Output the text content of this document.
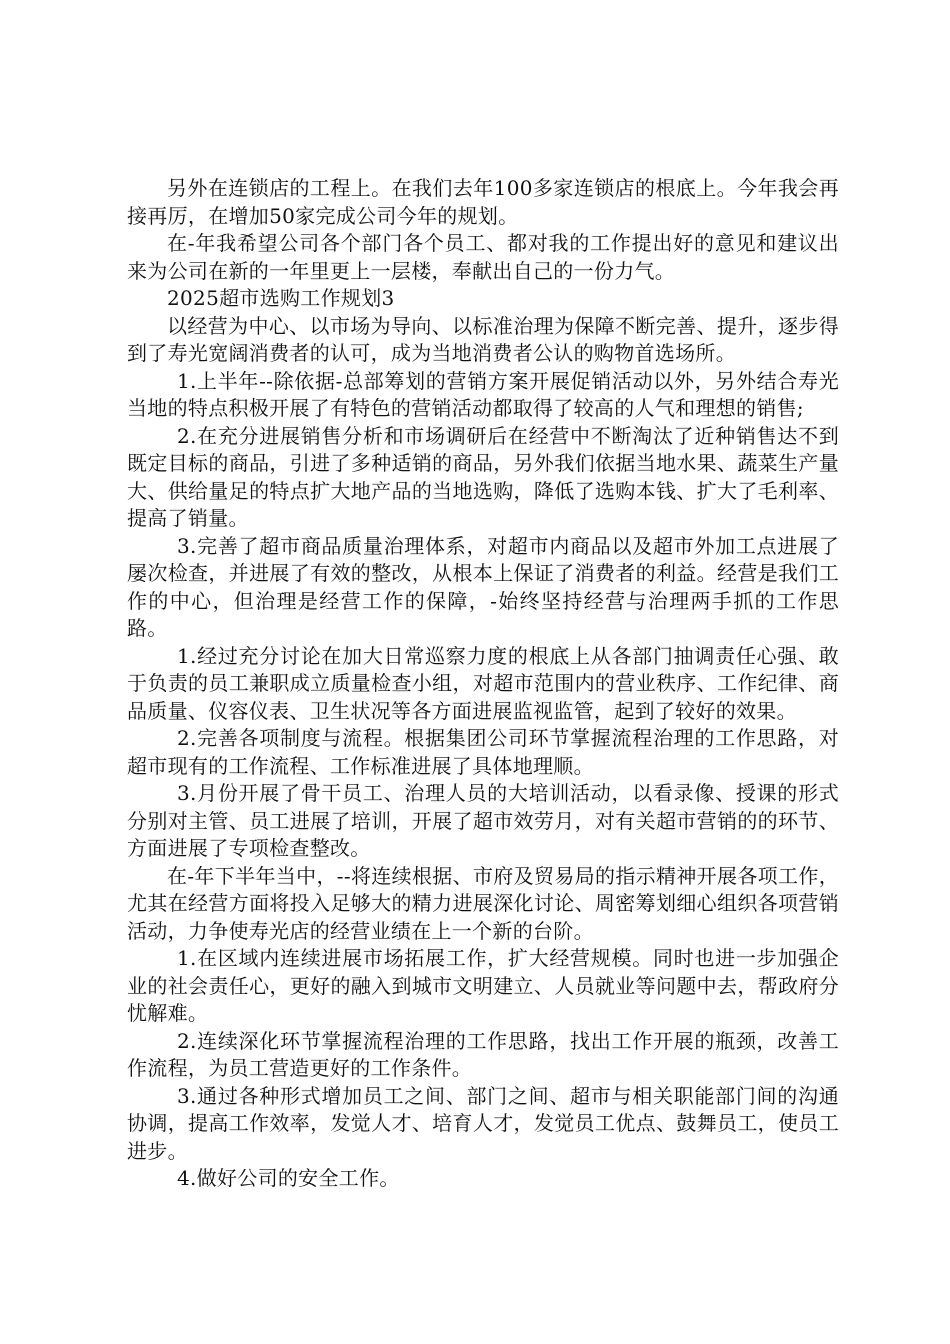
另外在连锁店的工程上。在我们去年100多家连锁店的根底上。今年我会再接再厉，在增加50家完成公司今年的规划。

在-年我希望公司各个部门各个员工、都对我的工作提出好的意见和建议出来为公司在新的一年里更上一层楼，奉献出自己的一份力气。

2025超市选购工作规划3

以经营为中心、以市场为导向、以标准治理为保障不断完善、提升，逐步得到了寿光宽阔消费者的认可，成为当地消费者公认的购物首选场所。

1.上半年--除依据-总部筹划的营销方案开展促销活动以外，另外结合寿光当地的特点积极开展了有特色的营销活动都取得了较高的人气和理想的销售;

2.在充分进展销售分析和市场调研后在经营中不断淘汰了近种销售达不到既定目标的商品，引进了多种适销的商品，另外我们依据当地水果、蔬菜生产量大、供给量足的特点扩大地产品的当地选购，降低了选购本钱、扩大了毛利率、提高了销量。

3.完善了超市商品质量治理体系，对超市内商品以及超市外加工点进展了屡次检查，并进展了有效的整改，从根本上保证了消费者的利益。经营是我们工作的中心，但治理是经营工作的保障，-始终坚持经营与治理两手抓的工作思路。

1.经过充分讨论在加大日常巡察力度的根底上从各部门抽调责任心强、敢于负责的员工兼职成立质量检查小组，对超市范围内的营业秩序、工作纪律、商品质量、仪容仪表、卫生状况等各方面进展监视监管，起到了较好的效果。

2.完善各项制度与流程。根据集团公司环节掌握流程治理的工作思路，对超市现有的工作流程、工作标准进展了具体地理顺。

3.月份开展了骨干员工、治理人员的大培训活动，以看录像、授课的形式分别对主管、员工进展了培训，开展了超市效劳月，对有关超市营销的的环节、方面进展了专项检查整改。

在-年下半年当中，--将连续根据、市府及贸易局的指示精神开展各项工作，尤其在经营方面将投入足够大的精力进展深化讨论、周密筹划细心组织各项营销活动，力争使寿光店的经营业绩在上一个新的台阶。

1.在区域内连续进展市场拓展工作，扩大经营规模。同时也进一步加强企业的社会责任心，更好的融入到城市文明建立、人员就业等问题中去，帮政府分忧解难。

2.连续深化环节掌握流程治理的工作思路，找出工作开展的瓶颈，改善工作流程，为员工营造更好的工作条件。

3.通过各种形式增加员工之间、部门之间、超市与相关职能部门间的沟通协调，提高工作效率，发觉人才、培育人才，发觉员工优点、鼓舞员工，使员工进步。

4.做好公司的安全工作。
